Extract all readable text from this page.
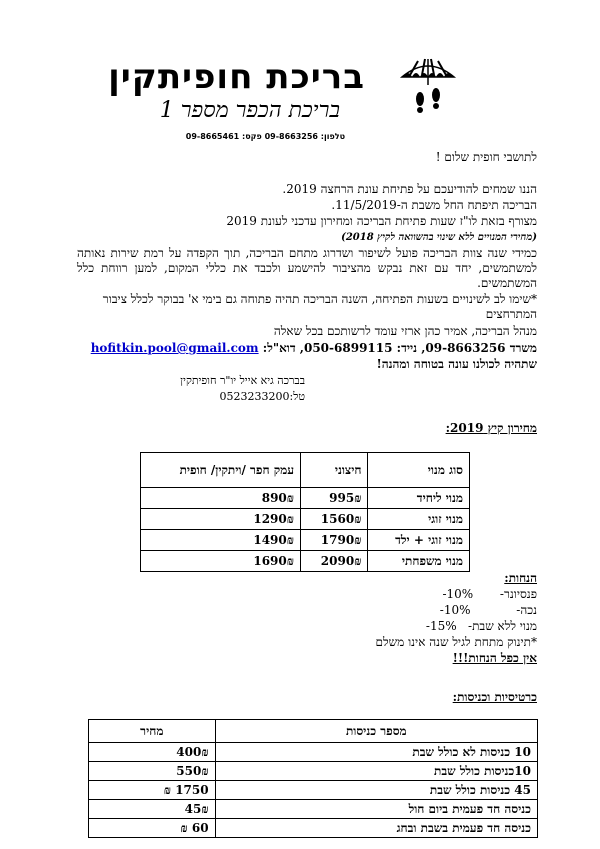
בריכת חופיתקין
בריכת הכפר מספר 1
טלפון: 09-8663256 פקס: 09-8665461
לתושבי חופית שלום !
הננו שמחים להודיעכם על פתיחת עונת הרחצה 2019.
הבריכה תיפתח החל משבת ה-11/5/2019.
מצורף בזאת לו"ז שעות פתיחת הבריכה ומחירון עדכני לעונת 2019
(מחירי המנויים ללא שינוי בהשוואה לקיץ 2018)
כמידי שנה צוות הבריכה פועל לשיפור ושדרוג מתחם הבריכה, תוך הקפדה על רמת שירות נאותה למשתמשים, יחד עם זאת נבקש מהציבור להישמע ולכבד את כללי המקום, למען רווחת כלל המשתמשים.
*שימו לב לשינויים בשעות הפתיחה, השנה הבריכה תהיה פתוחה גם בימי א' בבוקר לכלל ציבור המתרחצים
מנהל הבריכה, אמיר כהן ארזי עומד לרשותכם בכל שאלה
משרד 09-8663256, נייד: 050-6899115, דוא"ל: hofitkin.pool@gmail.com
שתהיה לכולנו עונה בטוחה ומהנה!
בברכה גיא אייל יו"ר חופיתקין
טל:0523233200
מחירון קיץ 2019:
סוג מנוי	חיצוני	עמק חפר /ויתקין/ חופית
מנוי ליחיד	995₪	890₪
מנוי זוגי	1560₪	1290₪
מנוי זוגי + ילד	1790₪	1490₪
מנוי משפחתי	2090₪	1690₪
הנחות:
פנסיונר-       10%-
נכה-            10%-
מנוי ללא שבת-   15%-
*תינוק מתחת לגיל שנה אינו משלם
אין כפל הנחות!!!
כרטיסיות וכניסות:
מספר כניסות	מחיר
10 כניסות לא כולל שבת	400₪
10כניסות כולל שבת	550₪
45 כניסות כולל שבת	1750 ₪
כניסה חד פעמית ביום חול	45₪
כניסה חד פעמית בשבת ובחג	60 ₪
